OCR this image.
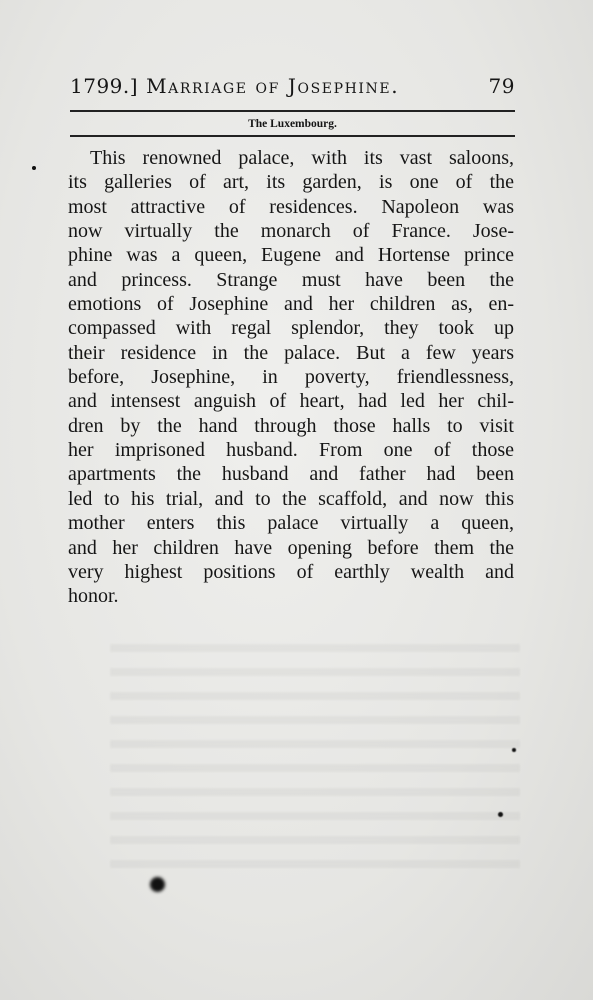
1799.] Marriage of Josephine.	79
The Luxembourg.
This renowned palace, with its vast saloons,
its galleries of art, its garden, is one of the
most attractive of residences. Napoleon was
now virtually the monarch of France. Jose-
phine was a queen, Eugene and Hortense prince
and princess. Strange must have been the
emotions of Josephine and her children as, en-
compassed with regal splendor, they took up
their residence in the palace. But a few years
before, Josephine, in poverty, friendlessness,
and intensest anguish of heart, had led her chil-
dren by the hand through those halls to visit
her imprisoned husband. From one of those
apartments the husband and father had been
led to his trial, and to the scaffold, and now this
mother enters this palace virtually a queen,
and her children have opening before them the
very highest positions of earthly wealth and
honor.
